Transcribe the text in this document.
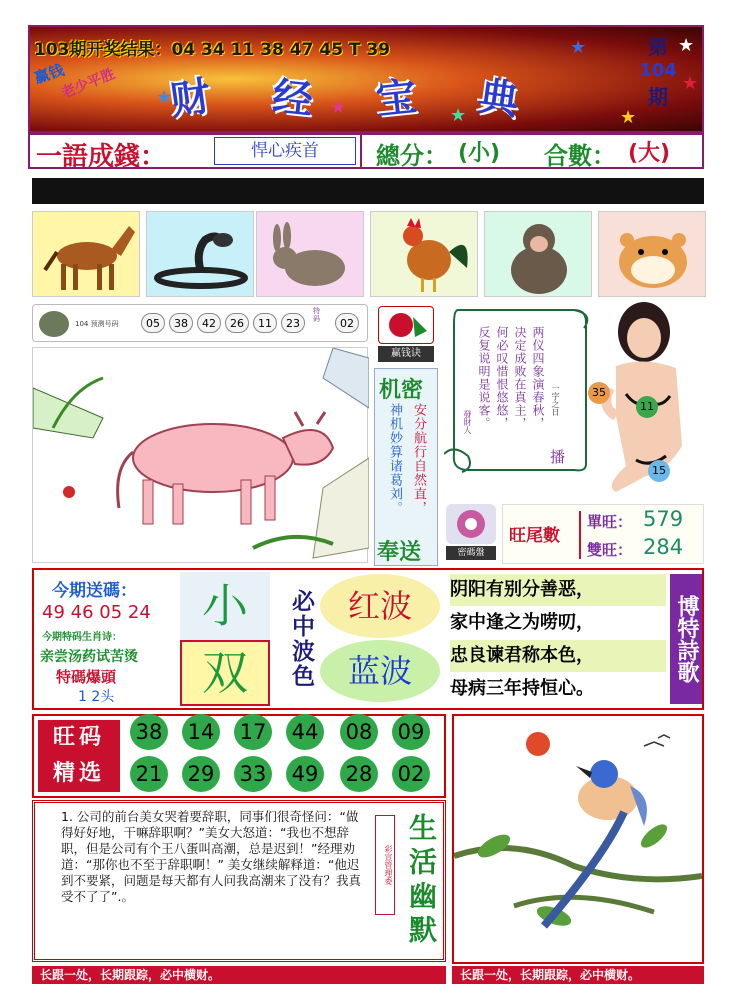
103期开奖结果：04 34 11 38 47 45 T 39
赢钱
老少平胜 财 经 宝 典
第
104
期
★	★	★
★
★
★
★
一語成錢：	悍心疾首	總分： (小) 合數： (大)
104 预测号码	05	38	42	26	11	23
特码	02
赢钱诀
机密
安分航行自然直，
神机妙算诸葛刘。
奉送	密碼盤
两仪四象演春秋，
决定成败在真主，
何必叹惜恨悠悠，
反复说明是说客。	一字之日
發財人
播
35
11
15
旺尾數
單旺： 579
雙旺： 284
今期送碼：
49 46 05 24
今期特码生肖诗：
亲尝汤药试苦烫
特碼爆頭
1 2头
小
双	必中波色	红波
蓝波
阴阳有别分善恶，
家中逢之为唠叨，
忠良谏君称本色，
母病三年持恒心。
博特詩歌
旺码
精选
38 14 17 44 08 09
21 29 33 49 28 02
1. 公司的前台美女哭着要辞职，同事们很奇怪问：“做得好好地，干嘛辞职啊？”美女大怒道：“我也不想辞职，但是公司有个王八蛋叫高潮，总是迟到！”经理劝道：“那你也不至于辞职啊！” 美女继续解释道：“他迟到不要紧，问题是每天都有人问我高潮来了没有？我真受不了了”.。
彩宣管理委 生活幽默
长跟一处，长期跟踪，必中横财。	长跟一处，长期跟踪，必中横财。
